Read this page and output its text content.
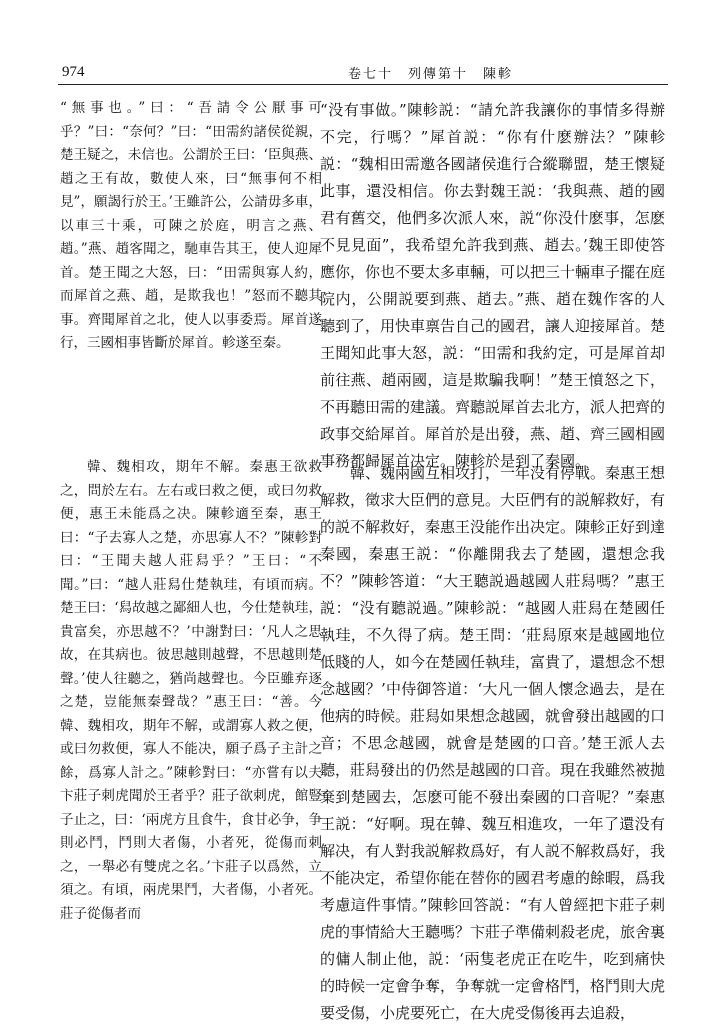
974	卷七十　列傳第十　陳軫

“無事也。”曰：“吾請令公厭事可乎？”曰：“奈何？”曰：“田需約諸侯從親，楚王疑之，未信也。公謂於王曰：‘臣與燕、趙之王有故，數使人來，曰“無事何不相見”，願謁行於王。’王雖許公，公請毋多車，以車三十乘，可陳之於庭，明言之燕、趙。”燕、趙客聞之，馳車告其王，使人迎犀首。楚王聞之大怒，曰：“田需與寡人約，而犀首之燕、趙，是欺我也！”怒而不聽其事。齊聞犀首之北，使人以事委焉。犀首遂行，三國相事皆斷於犀首。軫遂至秦。

韓、魏相攻，期年不解。秦惠王欲救之，問於左右。左右或曰救之便，或曰勿救便，惠王未能爲之决。陳軫適至秦，惠王曰：“子去寡人之楚，亦思寡人不？”陳軫對曰：“王聞夫越人莊舄乎？”王曰：“不聞。”曰：“越人莊舄仕楚執珪，有頃而病。楚王曰：‘舄故越之鄙細人也，今仕楚執珪，貴富矣，亦思越不？’中謝對曰：‘凡人之思故，在其病也。彼思越則越聲，不思越則楚聲。’使人往聽之，猶尚越聲也。今臣雖弃逐之楚，豈能無秦聲哉？”惠王曰：“善。今韓、魏相攻，期年不解，或謂寡人救之便，或曰勿救便，寡人不能决，願子爲子主計之餘，爲寡人計之。”陳軫對曰：“亦嘗有以夫卞莊子刺虎聞於王者乎？莊子欲刺虎，館豎子止之，曰：‘兩虎方且食牛，食甘必争，争則必鬥，鬥則大者傷，小者死，從傷而刺之，一舉必有雙虎之名。’卞莊子以爲然，立須之。有頃，兩虎果鬥，大者傷，小者死。莊子從傷者而

“没有事做。”陳軫説：“請允許我讓你的事情多得辦不完，行嗎？”犀首説：“你有什麽辦法？”陳軫説：“魏相田需邀各國諸侯進行合縱聯盟，楚王懷疑此事，還没相信。你去對魏王説：‘我與燕、趙的國君有舊交，他們多次派人來，説“你没什麽事，怎麽不見見面”，我希望允許我到燕、趙去。’魏王即使答應你，你也不要太多車輛，可以把三十輛車子擺在庭院内，公開説要到燕、趙去。”燕、趙在魏作客的人聽到了，用快車禀告自己的國君，讓人迎接犀首。楚王聞知此事大怒，説：“田需和我約定，可是犀首却前往燕、趙兩國，這是欺騙我啊！”楚王憤怒之下，不再聽田需的建議。齊聽説犀首去北方，派人把齊的政事交給犀首。犀首於是出發，燕、趙、齊三國相國事務都歸犀首决定。陳軫於是到了秦國。

韓、魏兩國互相攻打，一年没有停戰。秦惠王想解救，徵求大臣們的意見。大臣們有的説解救好，有的説不解救好，秦惠王没能作出决定。陳軫正好到達秦國，秦惠王説：“你離開我去了楚國，還想念我不？”陳軫答道：“大王聽説過越國人莊舄嗎？”惠王説：“没有聽説過。”陳軫説：“越國人莊舄在楚國任執珪，不久得了病。楚王問：‘莊舄原來是越國地位低賤的人，如今在楚國任執珪，富貴了，還想念不想念越國？’中侍御答道：‘大凡一個人懷念過去，是在他病的時候。莊舄如果想念越國，就會發出越國的口音；不思念越國，就會是楚國的口音。’楚王派人去聽，莊舄發出的仍然是越國的口音。現在我雖然被拋棄到楚國去，怎麽可能不發出秦國的口音呢？”秦惠王説：“好啊。現在韓、魏互相進攻，一年了還没有解决，有人對我説解救爲好，有人説不解救爲好，我不能决定，希望你能在替你的國君考慮的餘暇，爲我考慮這件事情。”陳軫回答説：“有人曾經把卞莊子刺虎的事情給大王聽嗎？卞莊子準備刺殺老虎，旅舍裏的傭人制止他，説：‘兩隻老虎正在吃牛，吃到痛快的時候一定會争奪，争奪就一定會格鬥，格鬥則大虎要受傷，小虎要死亡，在大虎受傷後再去追殺，
